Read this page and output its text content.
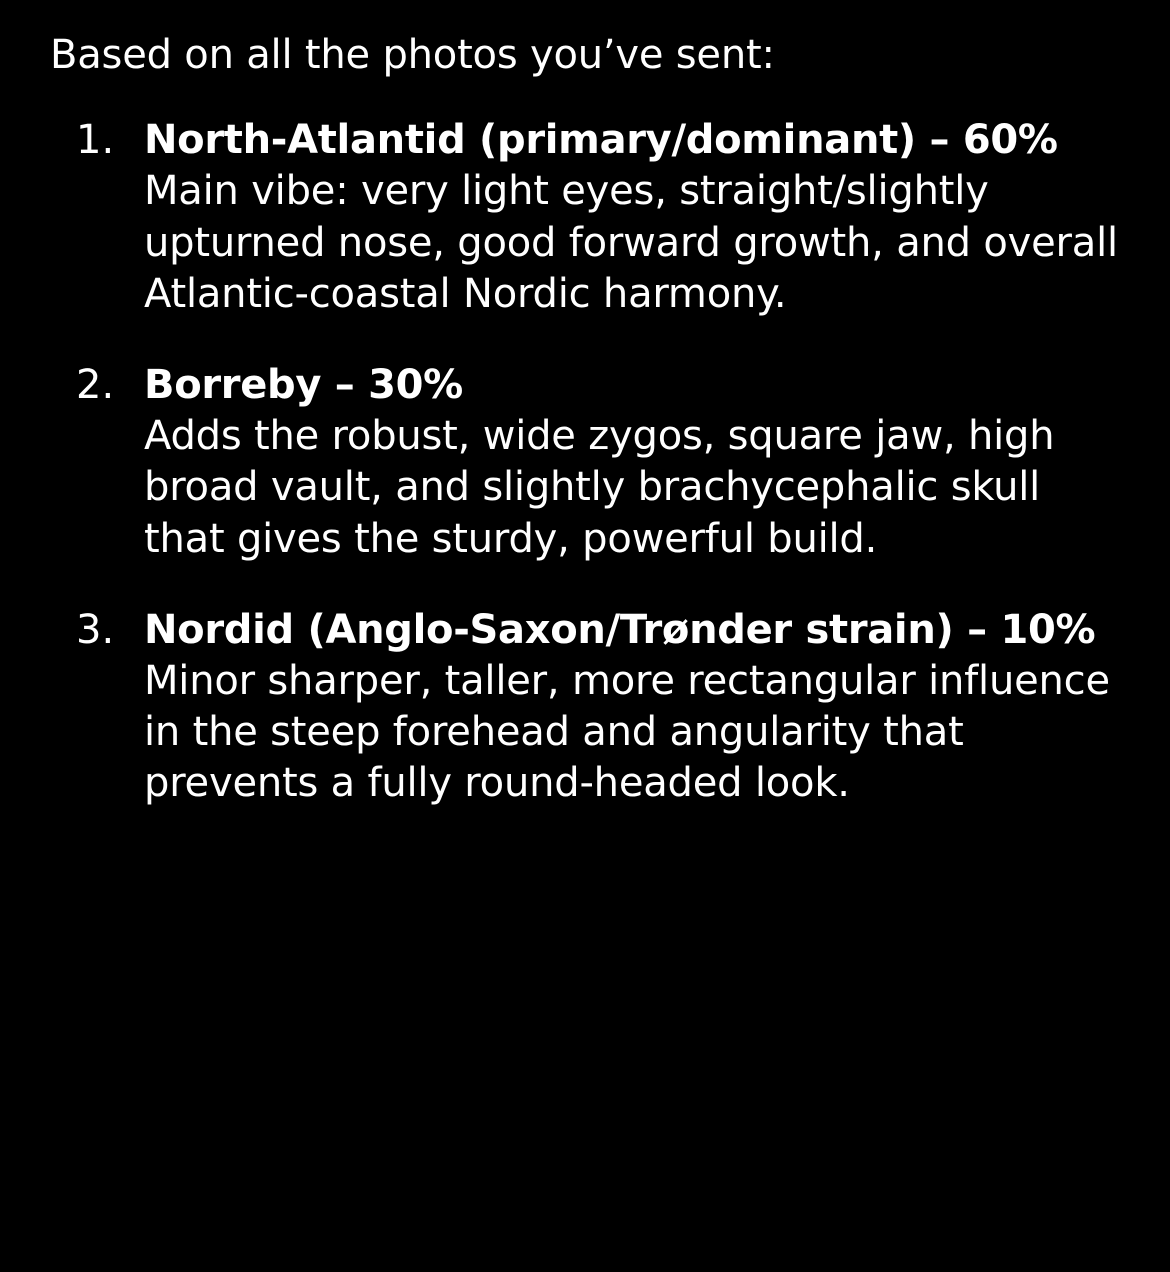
Based on all the photos you’ve sent:

1. North-Atlantid (primary/dominant) – 60%

Main vibe: very light eyes, straight/slightly upturned nose, good forward growth, and overall Atlantic-coastal Nordic harmony.

2. Borreby – 30%

Adds the robust, wide zygos, square jaw, high broad vault, and slightly brachycephalic skull that gives the sturdy, powerful build.

3. Nordid (Anglo-Saxon/Trønder strain) – 10%

Minor sharper, taller, more rectangular influence in the steep forehead and angularity that prevents a fully round-headed look.
